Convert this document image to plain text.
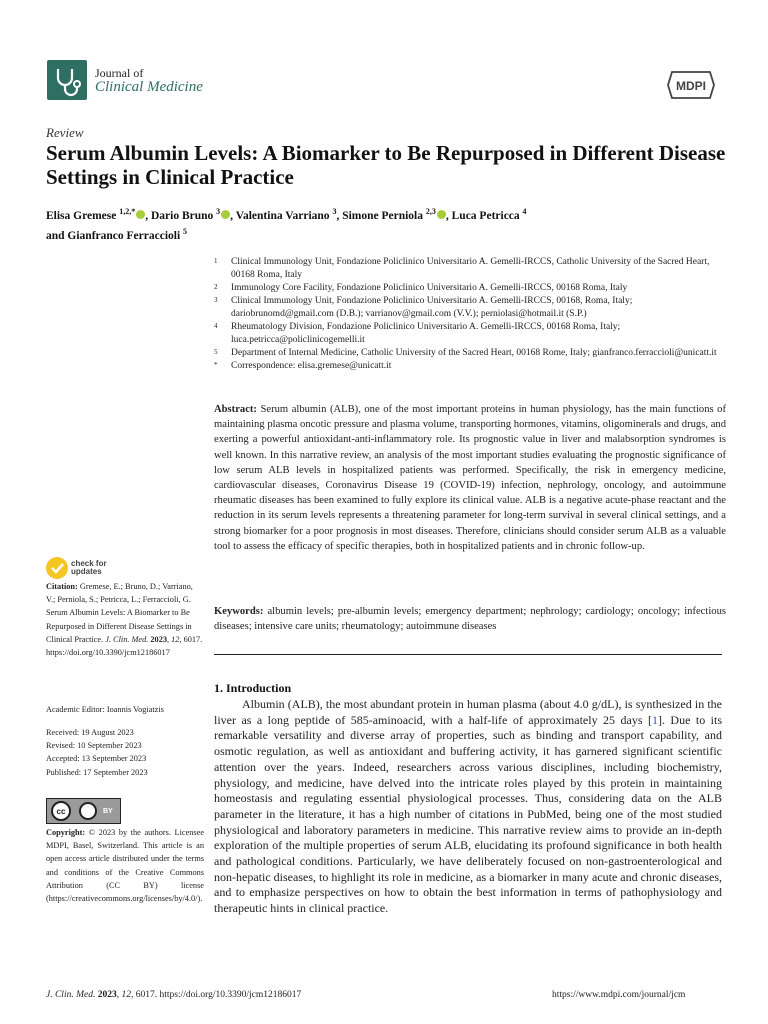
Journal of
Clinical Medicine	MDPI
Review
Serum Albumin Levels: A Biomarker to Be Repurposed in Different Disease Settings in Clinical Practice
Elisa Gremese $^{1,2,*}$ , Dario Bruno $^3$ , Valentina Varriano $^3$, Simone Perniola $^{2,3}$ , Luca Petricca $^4$
and Gianfranco Ferraccioli $^5$
1	Clinical Immunology Unit, Fondazione Policlinico Universitario A. Gemelli-IRCCS, Catholic University of the Sacred Heart, 00168 Roma, Italy
2	Immunology Core Facility, Fondazione Policlinico Universitario A. Gemelli-IRCCS, 00168 Roma, Italy
3	Clinical Immunology Unit, Fondazione Policlinico Universitario A. Gemelli-IRCCS, 00168, Roma, Italy; dariobrunomd@gmail.com (D.B.); varrianov@gmail.com (V.V.); perniolasi@hotmail.it (S.P.)
4	Rheumatology Division, Fondazione Policlinico Universitario A. Gemelli-IRCCS, 00168 Roma, Italy; luca.petricca@policlinicogemelli.it
5	Department of Internal Medicine, Catholic University of the Sacred Heart, 00168 Rome, Italy; gianfranco.ferraccioli@unicatt.it
*	Correspondence: elisa.gremese@unicatt.it
Abstract: Serum albumin (ALB), one of the most important proteins in human physiology, has the main functions of maintaining plasma oncotic pressure and plasma volume, transporting hormones, vitamins, oligominerals and drugs, and exerting a powerful antioxidant-anti-inflammatory role. Its prognostic value in liver and malabsorption syndromes is well known. In this narrative review, an analysis of the most important studies evaluating the prognostic significance of low serum ALB levels in hospitalized patients was performed. Specifically, the risk in emergency medicine, cardiovascular diseases, Coronavirus Disease 19 (COVID-19) infection, nephrology, oncology, and autoimmune rheumatic diseases has been examined to fully explore its clinical value. ALB is a negative acute-phase reactant and the reduction in its serum levels represents a threatening parameter for long-term survival in several clinical settings, and a strong biomarker for a poor prognosis in most diseases. Therefore, clinicians should consider serum ALB as a valuable tool to assess the efficacy of specific therapies, both in hospitalized patients and in chronic follow-up.
Keywords: albumin levels; pre-albumin levels; emergency department; nephrology; cardiology; oncology; infectious diseases; intensive care units; rheumatology; autoimmune diseases
1. Introduction
Albumin (ALB), the most abundant protein in human plasma (about 4.0 g/dL), is synthesized in the liver as a long peptide of 585-aminoacid, with a half-life of approximately 25 days [1]. Due to its remarkable versatility and diverse array of properties, such as binding and transport capability, and osmotic regulation, as well as antioxidant and buffering activity, it has garnered significant scientific attention over the years. Indeed, researchers across various disciplines, including biochemistry, physiology, and medicine, have delved into the intricate roles played by this protein in maintaining homeostasis and regulating essential physiological processes. Thus, considering data on the ALB parameter in the literature, it has a high number of citations in PubMed, being one of the most studied physiological and laboratory parameters in medicine. This narrative review aims to provide an in-depth exploration of the multiple properties of serum ALB, elucidating its profound significance in both health and pathological conditions. Particularly, we have deliberately focused on non-gastroenterological and non-hepatic diseases, to highlight its role in medicine, as a biomarker in many acute and chronic diseases, and to emphasize perspectives on how to obtain the best information in terms of pathophysiology and therapeutic hints in clinical practice.
check for
updates
Citation: Gremese, E.; Bruno, D.; Varriano, V.; Perniola, S.; Petricca, L.; Ferraccioli, G. Serum Albumin Levels: A Biomarker to Be Repurposed in Different Disease Settings in Clinical Practice. J. Clin. Med. 2023, 12, 6017. https://doi.org/10.3390/jcm12186017
Academic Editor: Ioannis Vogiatzis
Received: 19 August 2023
Revised: 10 September 2023
Accepted: 13 September 2023
Published: 17 September 2023
cc	BY
Copyright: © 2023 by the authors. Licensee MDPI, Basel, Switzerland. This article is an open access article distributed under the terms and conditions of the Creative Commons Attribution (CC BY) license (https://creativecommons.org/licenses/by/4.0/).
J. Clin. Med. 2023, 12, 6017. https://doi.org/10.3390/jcm12186017	https://www.mdpi.com/journal/jcm
